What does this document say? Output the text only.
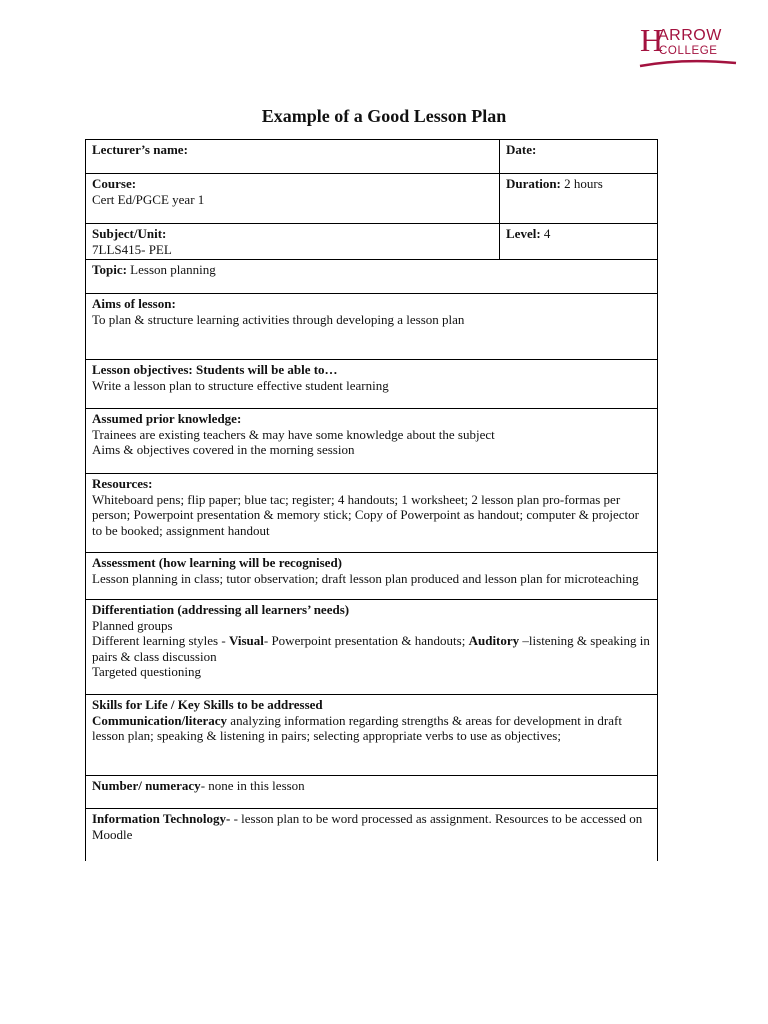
H
ARROW
COLLEGE
Example of a Good Lesson Plan
Lecturer’s name:	Date:

Course:
Cert Ed/PGCE year 1	Duration: 2 hours

Subject/Unit:
7LLS415- PEL	Level: 4
Topic: Lesson planning	

Aims of lesson:
To plan & structure learning activities through developing a lesson plan	

Lesson objectives: Students will be able to…
Write a lesson plan to structure effective student learning	

Assumed prior knowledge:
Trainees are existing teachers & may have some knowledge about the subject
Aims & objectives covered in the morning session	

Resources:
Whiteboard pens; flip paper; blue tac; register; 4 handouts; 1 worksheet; 2 lesson plan pro-formas per person; Powerpoint presentation & memory stick; Copy of Powerpoint as handout; computer & projector to be booked; assignment handout	

Assessment (how learning will be recognised)
Lesson planning in class; tutor observation; draft lesson plan produced and lesson plan for microteaching	

Differentiation (addressing all learners’ needs)
Planned groups
Different learning styles - Visual- Powerpoint presentation & handouts; Auditory –listening & speaking in pairs & class discussion
Targeted questioning	

Skills for Life / Key Skills to be addressed
Communication/literacy analyzing information regarding strengths & areas for development in draft lesson plan; speaking & listening in pairs; selecting appropriate verbs to use as objectives;	

Number/ numeracy- none in this lesson	
Information Technology- - lesson plan to be word processed as assignment. Resources to be accessed on Moodle	
